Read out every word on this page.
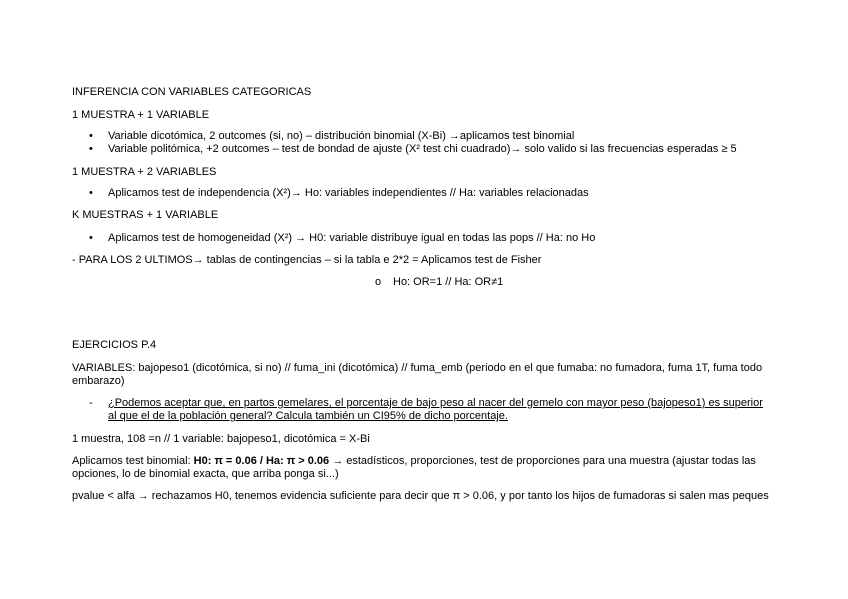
INFERENCIA CON VARIABLES CATEGORICAS
1 MUESTRA + 1 VARIABLE
• Variable dicotómica, 2 outcomes (si, no) – distribución binomial (X-Bi) →aplicamos test binomial
• Variable politómica, +2 outcomes – test de bondad de ajuste (X² test chi cuadrado)→ solo valido si las frecuencias esperadas ≥ 5
1 MUESTRA + 2 VARIABLES
• Aplicamos test de independencia (X²)→ Ho: variables independientes // Ha: variables relacionadas
K MUESTRAS + 1 VARIABLE
• Aplicamos test de homogeneidad (X²) → H0: variable distribuye igual en todas las pops // Ha: no Ho
- PARA LOS 2 ULTIMOS→ tablas de contingencias – si la tabla e 2*2 = Aplicamos test de Fisher
o Ho: OR=1 // Ha: OR≠1
EJERCICIOS P.4
VARIABLES: bajopeso1 (dicotómica, si no) // fuma_ini (dicotómica) // fuma_emb (periodo en el que fumaba: no fumadora, fuma 1T, fuma todo embarazo)
- ¿Podemos aceptar que, en partos gemelares, el porcentaje de bajo peso al nacer del gemelo con mayor peso (bajopeso1) es superior al que el de la población general? Calcula también un CI95% de dicho porcentaje.
1 muestra, 108 =n // 1 variable: bajopeso1, dicotómica = X-Bi
Aplicamos test binomial: H0: π = 0.06 / Ha: π > 0.06 → estadísticos, proporciones, test de proporciones para una muestra (ajustar todas las opciones, lo de binomial exacta, que arriba ponga si...)
pvalue < alfa → rechazamos H0, tenemos evidencia suficiente para decir que π > 0.06, y por tanto los hijos de fumadoras si salen mas peques
